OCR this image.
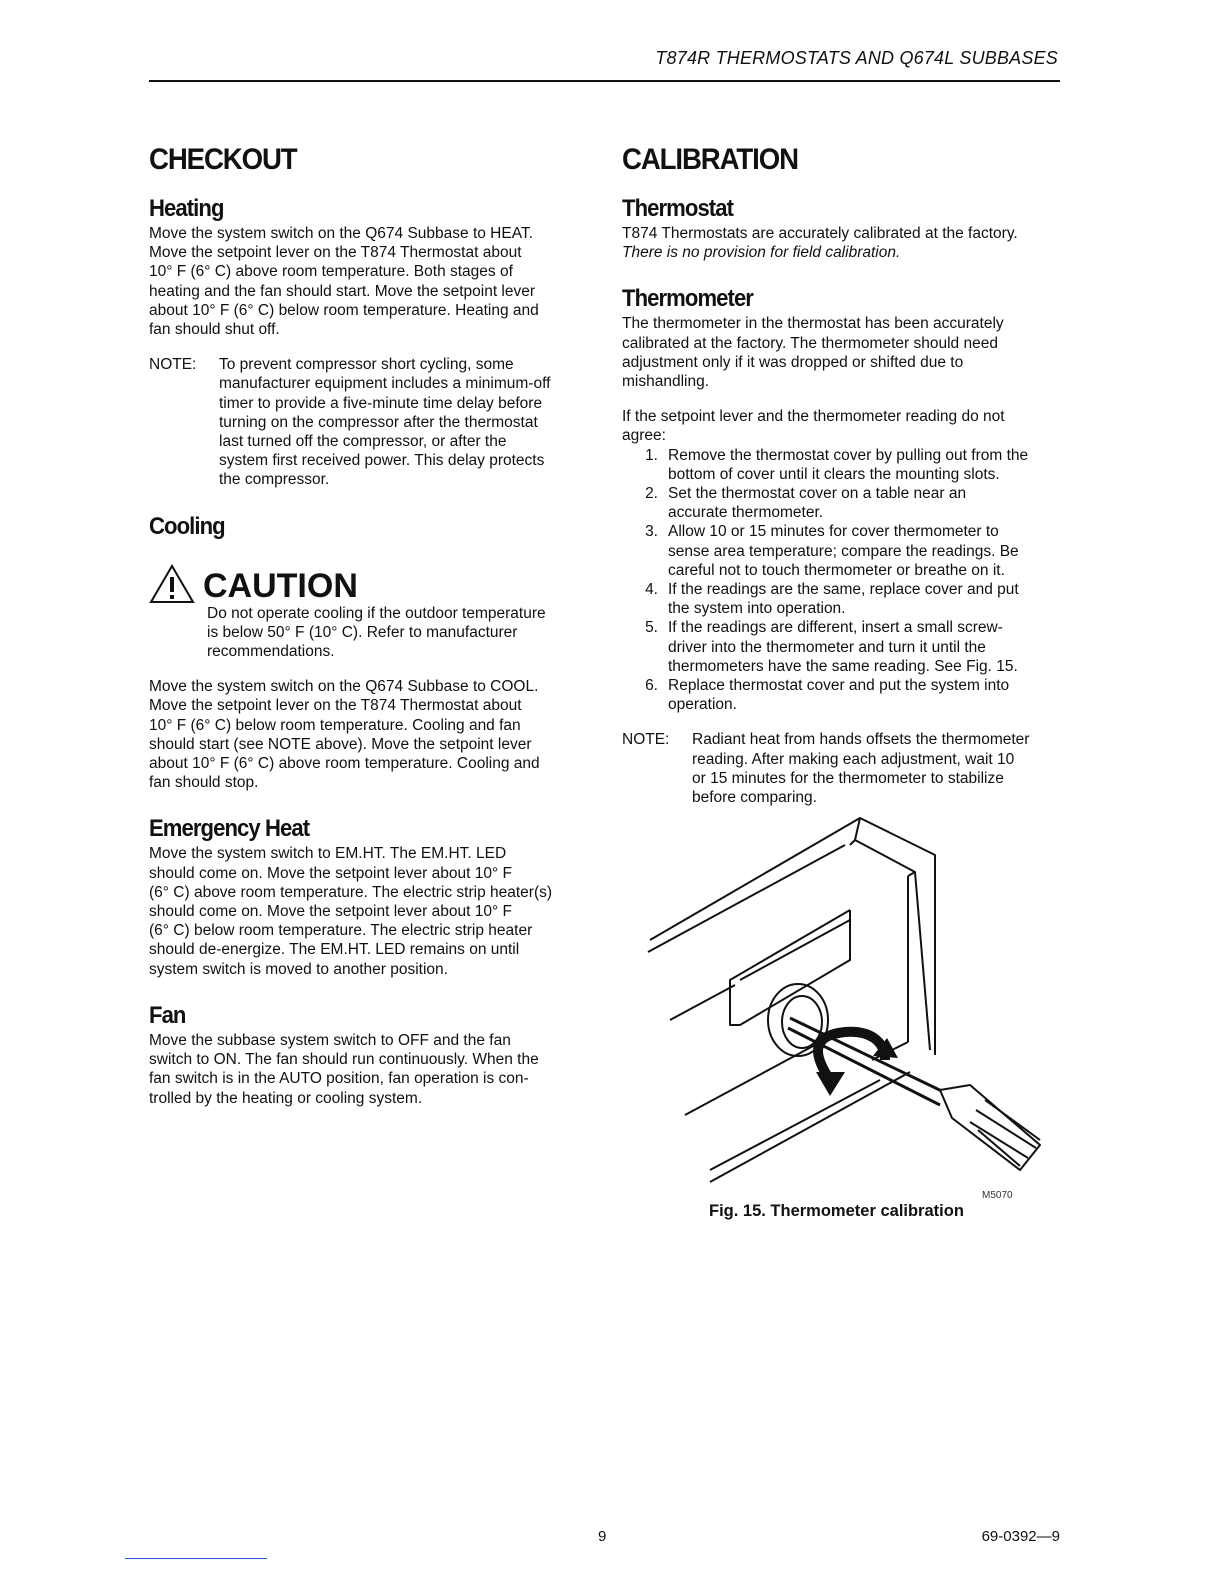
T874R THERMOSTATS AND Q674L SUBBASES
CHECKOUT
Heating

Move the system switch on the Q674 Subbase to HEAT.

Move the setpoint lever on the T874 Thermostat about

10° F (6° C) above room temperature. Both stages of

heating and the fan should start. Move the setpoint lever

about 10° F (6° C) below room temperature. Heating and

fan should shut off.

NOTE:	To prevent compressor short cycling, some

manufacturer equipment includes a minimum-off

timer to provide a five-minute time delay before

turning on the compressor after the thermostat

last turned off the compressor, or after the

system first received power. This delay protects

the compressor.

Cooling
CAUTION

Do not operate cooling if the outdoor temperature

is below 50° F (10° C). Refer to manufacturer

recommendations.

Move the system switch on the Q674 Subbase to COOL.

Move the setpoint lever on the T874 Thermostat about

10° F (6° C) below room temperature. Cooling and fan

should start (see NOTE above). Move the setpoint lever

about 10° F (6° C) above room temperature. Cooling and

fan should stop.

Emergency Heat

Move the system switch to EM.HT. The EM.HT. LED

should come on. Move the setpoint lever about 10° F

(6° C) above room temperature. The electric strip heater(s)

should come on. Move the setpoint lever about 10° F

(6° C) below room temperature. The electric strip heater

should de-energize. The EM.HT. LED remains on until

system switch is moved to another position.

Fan

Move the subbase system switch to OFF and the fan

switch to ON. The fan should run continuously. When the

fan switch is in the AUTO position, fan operation is con-

trolled by the heating or cooling system.

CALIBRATION
Thermostat

T874 Thermostats are accurately calibrated at the factory.

There is no provision for field calibration.

Thermometer

The thermometer in the thermostat has been accurately

calibrated at the factory. The thermometer should need

adjustment only if it was dropped or shifted due to

mishandling.

If the setpoint lever and the thermometer reading do not

agree:

1. Remove the thermostat cover by pulling out from the

bottom of cover until it clears the mounting slots.

2. Set the thermostat cover on a table near an

accurate thermometer.

3. Allow 10 or 15 minutes for cover thermometer to

sense area temperature; compare the readings. Be

careful not to touch thermometer or breathe on it.

4. If the readings are the same, replace cover and put

the system into operation.

5. If the readings are different, insert a small screw-

driver into the thermometer and turn it until the

thermometers have the same reading. See Fig. 15.

6. Replace thermostat cover and put the system into

operation.

NOTE:	Radiant heat from hands offsets the thermometer

reading. After making each adjustment, wait 10

or 15 minutes for the thermometer to stabilize

before comparing.

M5070
Fig. 15. Thermometer calibration
9	69-0392—9
